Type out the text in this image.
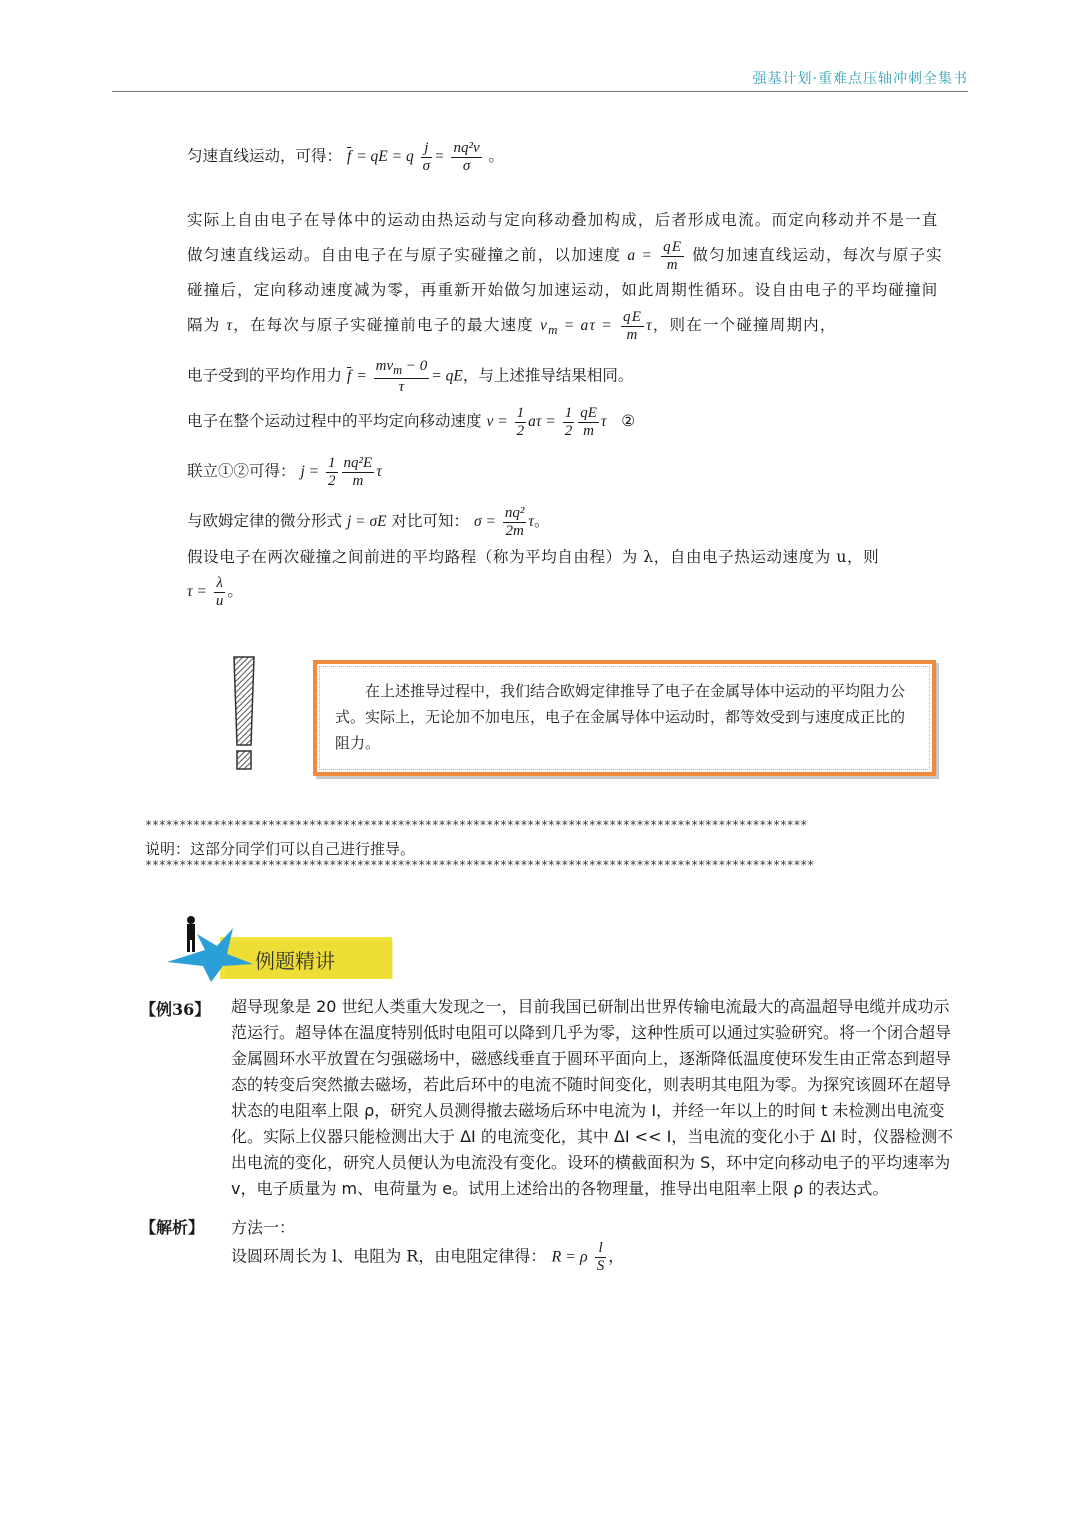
强基计划·重难点压轴冲刺全集书
匀速直线运动，可得： $\overline{f}$ = qE = q $\frac{j}{\sigma} = \frac{\text{nq²v}}{\sigma}$ 。
实际上自由电子在导体中的运动由热运动与定向移动叠加构成，后者形成电流。而定向移动并不是一直做匀速直线运动。自由电子在与原子实碰撞之前，以加速度 $a = \frac{qE}{m}$ 做匀加速直线运动，每次与原子实碰撞后，定向移动速度减为零，再重新开始做匀加速运动，如此周期性循环。设自由电子的平均碰撞间隔为 τ，在每次与原子实碰撞前电子的最大速度 $v_m = a\tau = \frac{qE}{m}$ τ，则在一个碰撞周期内，
电子受到的平均作用力 $\overline{f} = \frac{mv_m - 0}{\tau}$ = qE，与上述推导结果相同。
电子在整个运动过程中的平均定向移动速度 $v = \frac{1}{2}$ $a\tau = \frac{1}{2} \frac{qE}{m}$ τ ②
联立①②可得： $j = \frac{1}{2} \frac{\text{nq²E}}{m}$ τ
与欧姆定律的微分形式 j = σE 对比可知： $\sigma = \frac{\text{nq²}}{2m}$ τ。
假设电子在两次碰撞之间前进的平均路程（称为平均自由程）为 λ，自由电子热运动速度为 u，则
$\tau = \frac{\lambda}{u}$ 。
在上述推导过程中，我们结合欧姆定律推导了电子在金属导体中运动的平均阻力公式。实际上，无论加不加电压，电子在金属导体中运动时，都等效受到与速度成正比的阻力。
*************************************************************************************************
说明：这部分同学们可以自己进行推导。
**************************************************************************************************
例题精讲
【例36】 超导现象是 20 世纪人类重大发现之一，目前我国已研制出世界传输电流最大的高温超导电缆并成功示范运行。超导体在温度特别低时电阻可以降到几乎为零，这种性质可以通过实验研究。将一个闭合超导金属圆环水平放置在匀强磁场中，磁感线垂直于圆环平面向上，逐渐降低温度使环发生由正常态到超导态的转变后突然撤去磁场，若此后环中的电流不随时间变化，则表明其电阻为零。为探究该圆环在超导状态的电阻率上限 ρ，研究人员测得撤去磁场后环中电流为 I，并经一年以上的时间 t 未检测出电流变化。实际上仪器只能检测出大于 ΔI 的电流变化，其中 ΔI << I，当电流的变化小于 ΔI 时，仪器检测不出电流的变化，研究人员便认为电流没有变化。设环的横截面积为 S，环中定向移动电子的平均速率为 v，电子质量为 m、电荷量为 e。试用上述给出的各物理量，推导出电阻率上限 ρ 的表达式。
【解析】 方法一：
设圆环周长为 l、电阻为 R，由电阻定律得： R = ρ $\frac{l}{S}$ ，
